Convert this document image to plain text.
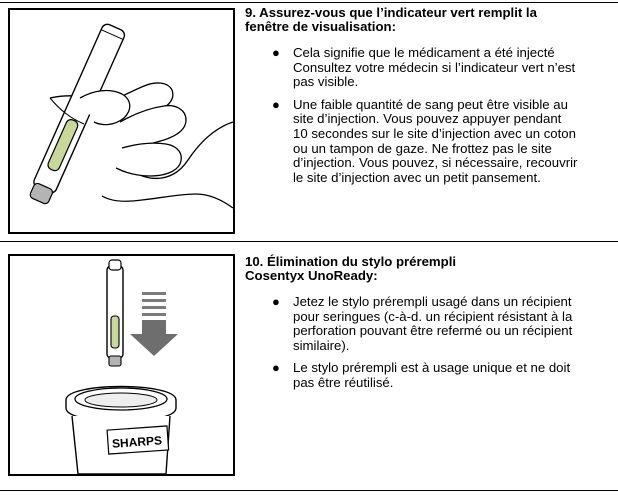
9. Assurez-vous que l’indicateur vert remplit la
fenêtre de visualisation:

● Cela signifie que le médicament a été injecté
Consultez votre médecin si l’indicateur vert n’est
pas visible.
● Une faible quantité de sang peut être visible au
site d’injection. Vous pouvez appuyer pendant
10 secondes sur le site d’injection avec un coton
ou un tampon de gaze. Ne frottez pas le site
d’injection. Vous pouvez, si nécessaire, recouvrir
le site d’injection avec un petit pansement.
SHARPS

10. Élimination du stylo prérempli
Cosentyx UnoReady:

● Jetez le stylo prérempli usagé dans un récipient
pour seringues (c-à-d. un récipient résistant à la
perforation pouvant être refermé ou un récipient
similaire).
● Le stylo prérempli est à usage unique et ne doit
pas être réutilisé.
